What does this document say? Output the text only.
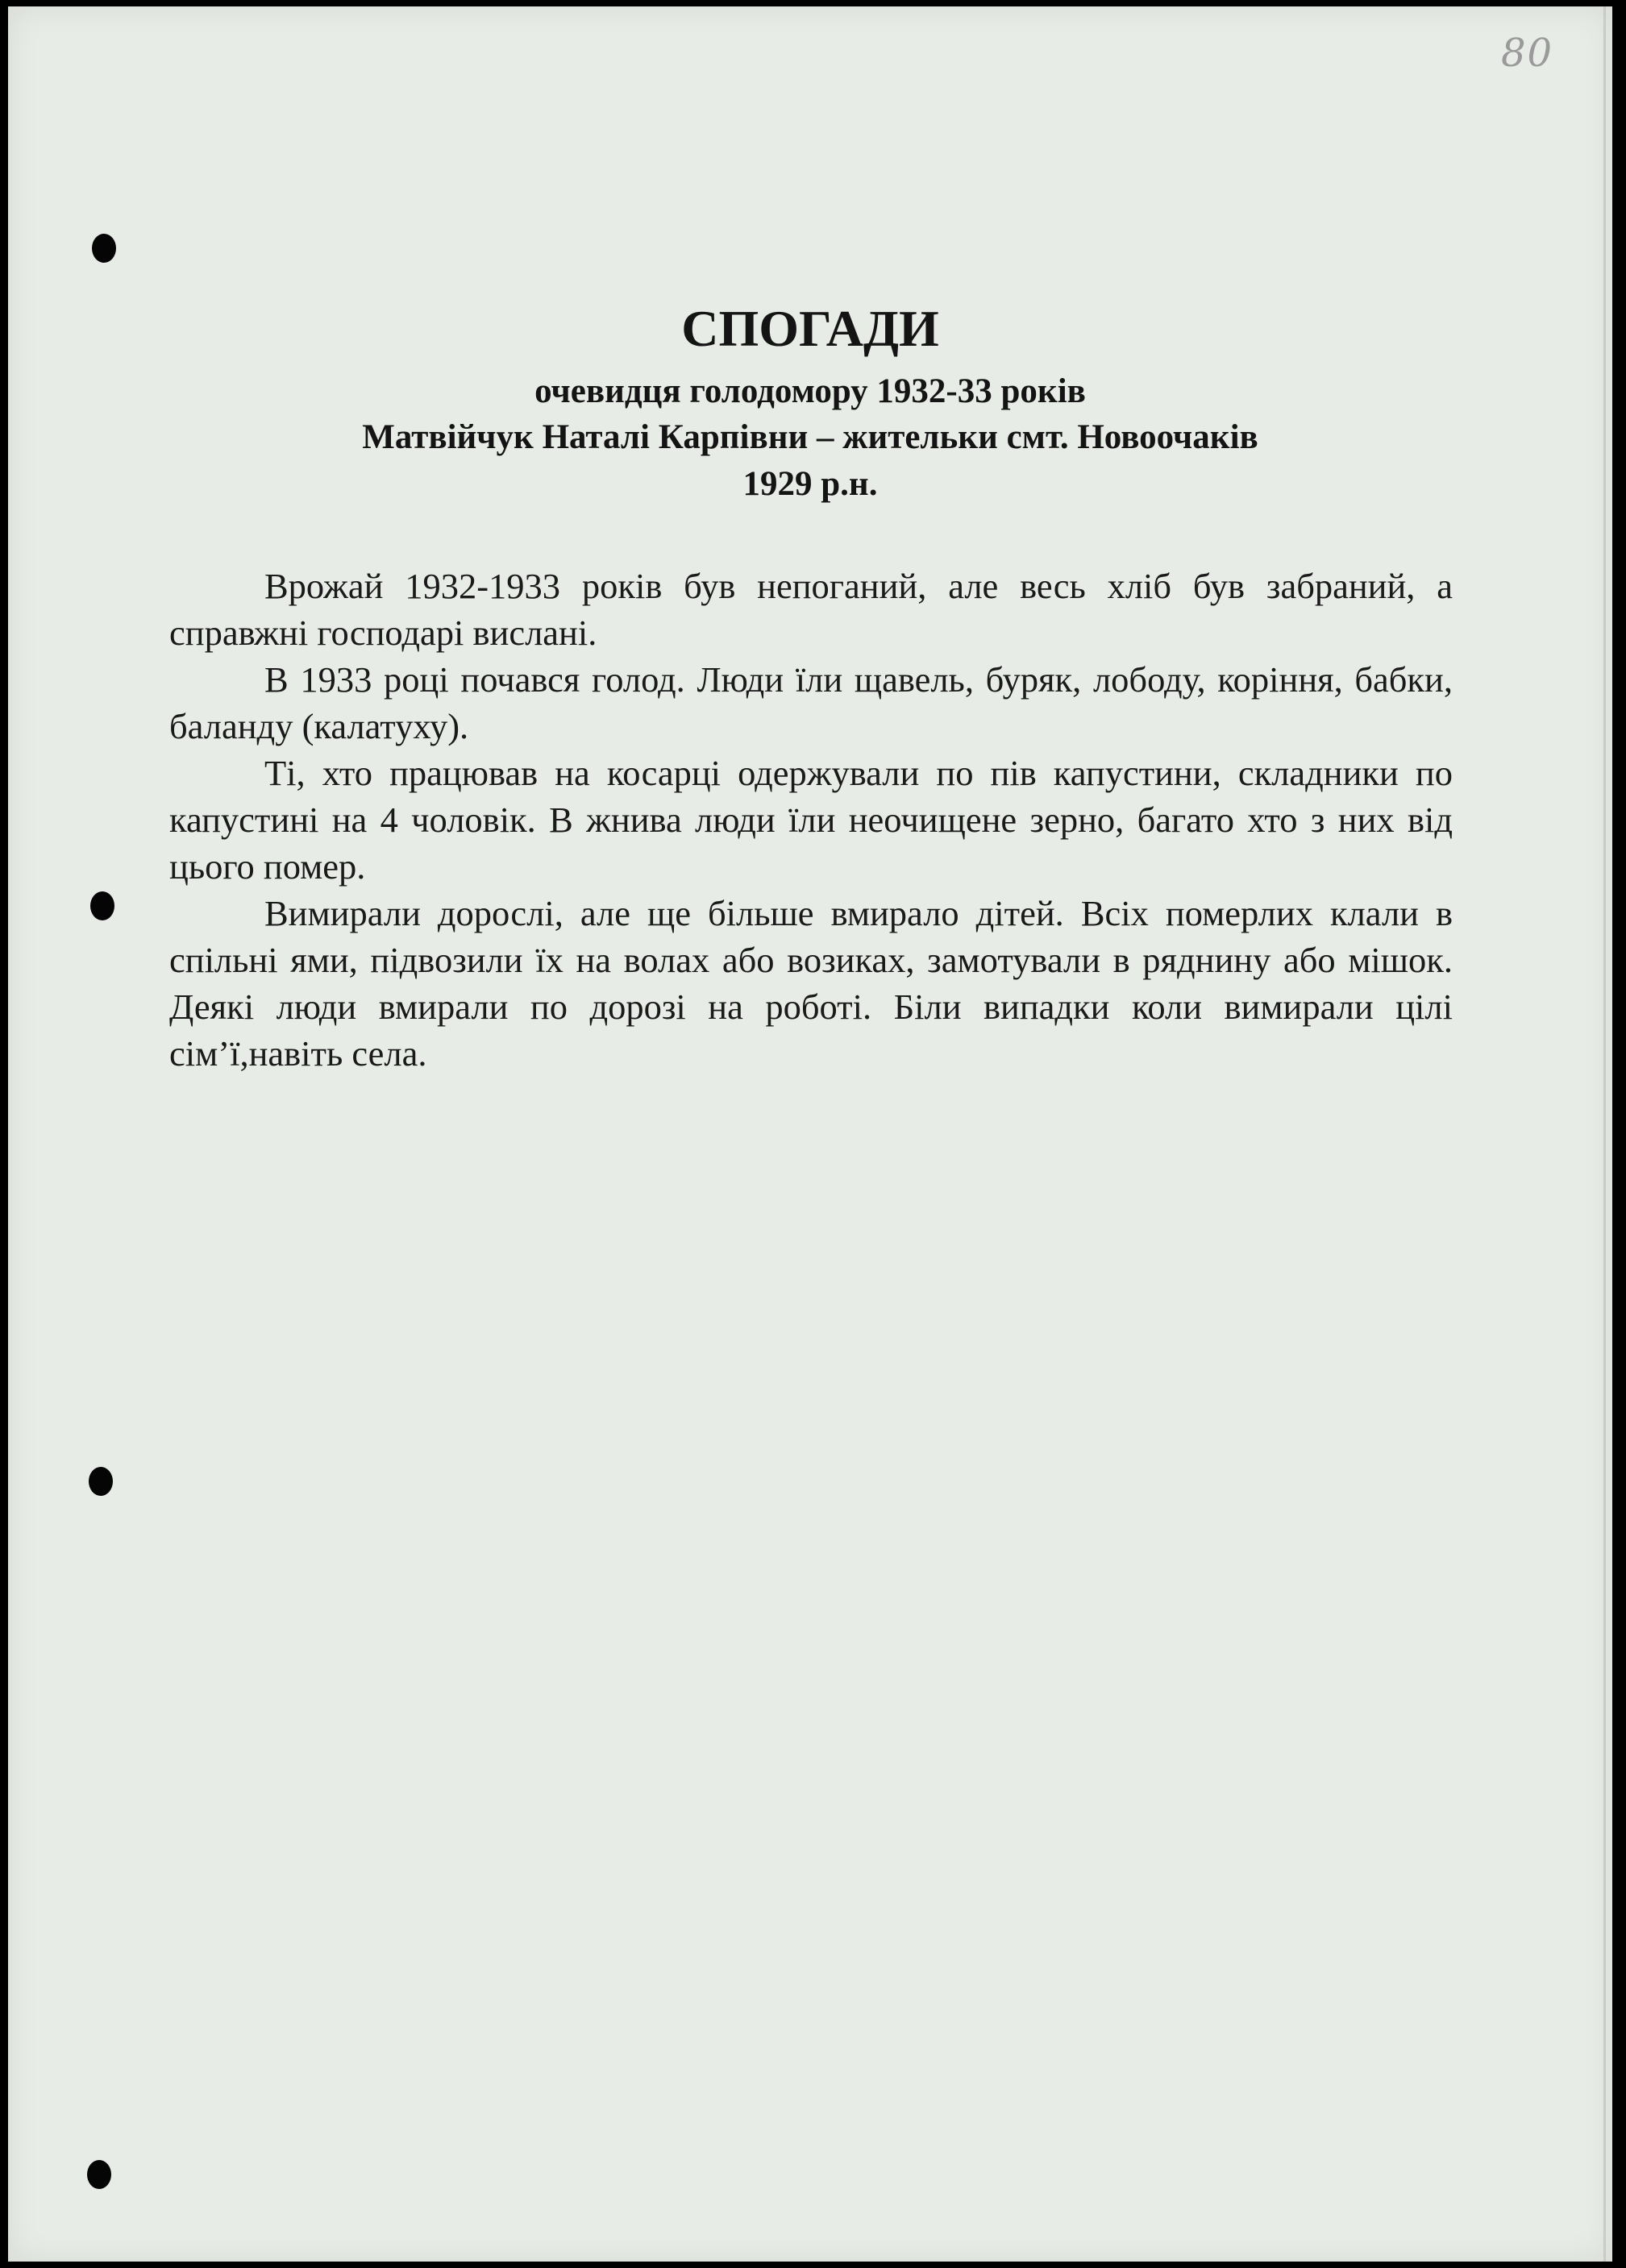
80
СПОГАДИ
очевидця голодомору 1932-33 років
Матвійчук Наталі Карпівни – жительки смт. Новоочаків
1929 р.н.

Врожай 1932-1933 років був непоганий, але весь хліб був забраний, а справжні господарі вислані.

В 1933 році почався голод. Люди їли щавель, буряк, лободу, коріння, бабки, баланду (калатуху).

Ті, хто працював на косарці одержували по пів капустини, складники по капустині на 4 чоловік. В жнива люди їли неочищене зерно, багато хто з них від цього помер.

Вимирали дорослі, але ще більше вмирало дітей. Всіх померлих клали в спільні ями, підвозили їх на волах або возиках, замотували в ряднину або мішок. Деякі люди вмирали по дорозі на роботі. Біли випадки коли вимирали цілі сім’ї,навіть села.
